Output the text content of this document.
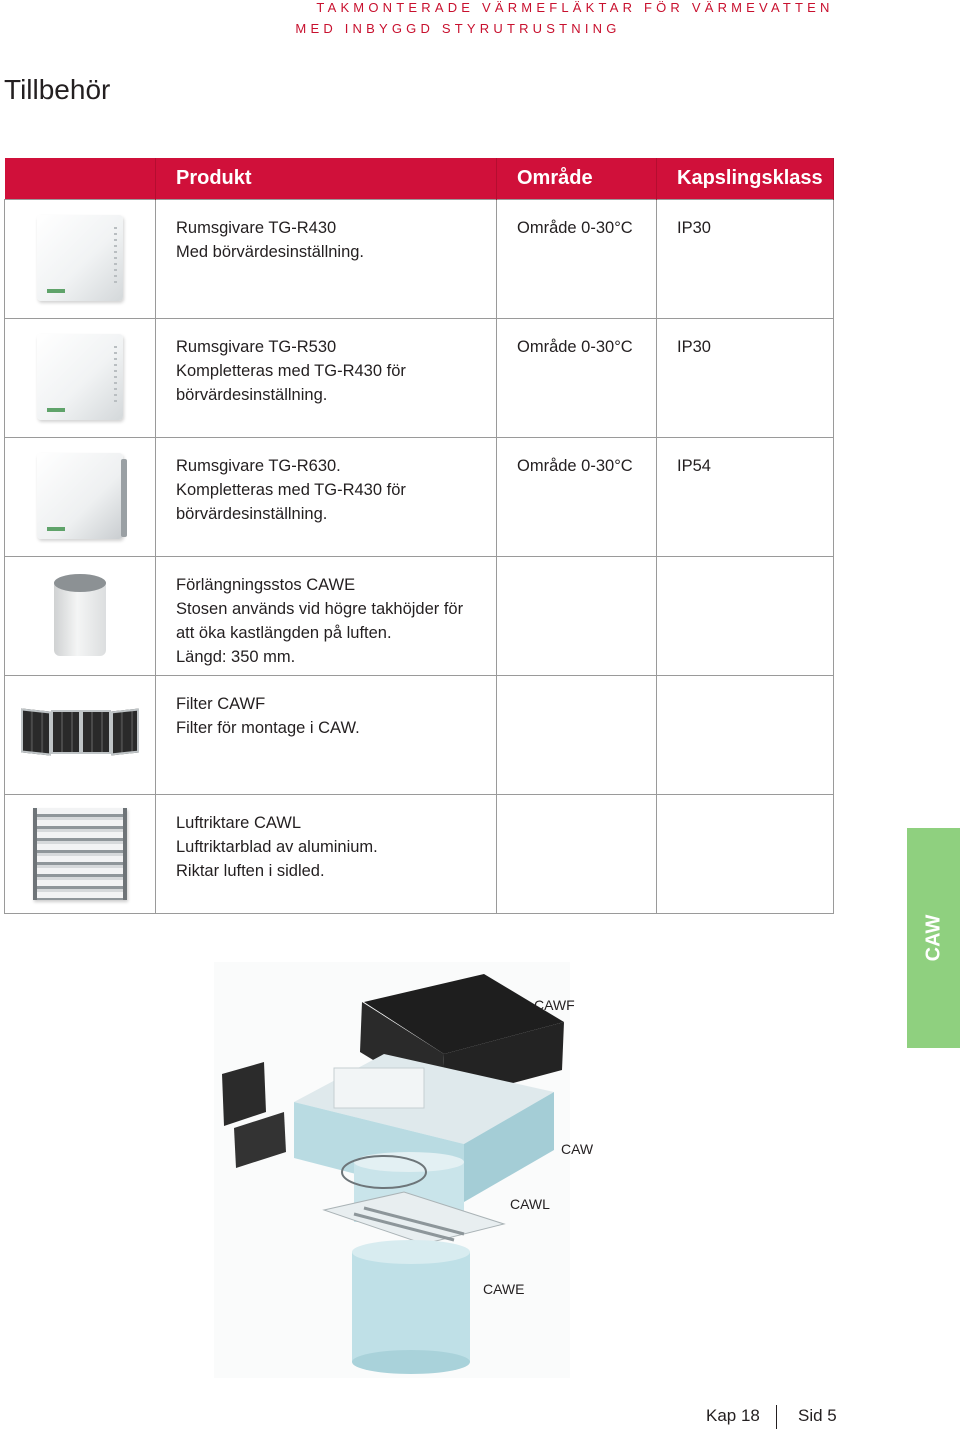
TAKMONTERADE VÄRMEFLÄKTAR FÖR VÄRMEVATTEN
MED INBYGGD STYRUTRUSTNING
Tillbehör
	Produkt	Område	Kapslingsklass

	Rumsgivare TG-R430
Med börvärdesinställning.	Område 0-30°C	IP30

	Rumsgivare TG-R530
Kompletteras med TG-R430 för
börvärdesinställning.	Område 0-30°C	IP30

	Rumsgivare TG-R630.
Kompletteras med TG-R430 för
börvärdesinställning.	Område 0-30°C	IP54

	Förlängningsstos CAWE
Stosen används vid högre takhöjder för
att öka kastlängden på luften.
Längd: 350 mm.		

	Filter CAWF
Filter för montage i CAW.		

	Luftriktare CAWL
Luftriktarblad av aluminium.
Riktar luften i sidled.		

CAW
CAWF
CAW
CAWL
CAWE
Kap 18 Sid 5
